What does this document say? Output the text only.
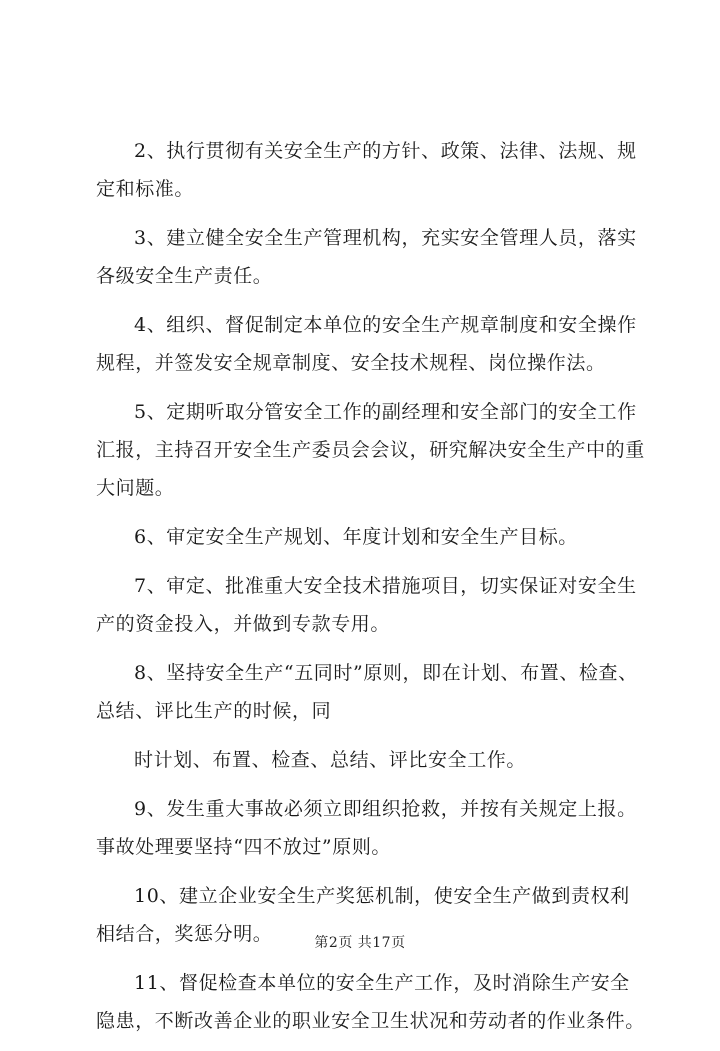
2、执行贯彻有关安全生产的方针、政策、法律、法规、规定和标准。

3、建立健全安全生产管理机构，充实安全管理人员，落实各级安全生产责任。

4、组织、督促制定本单位的安全生产规章制度和安全操作规程，并签发安全规章制度、安全技术规程、岗位操作法。

5、定期听取分管安全工作的副经理和安全部门的安全工作汇报，主持召开安全生产委员会会议，研究解决安全生产中的重大问题。

6、审定安全生产规划、年度计划和安全生产目标。

7、审定、批准重大安全技术措施项目，切实保证对安全生产的资金投入，并做到专款专用。

8、坚持安全生产“五同时”原则，即在计划、布置、检查、总结、评比生产的时候，同

时计划、布置、检查、总结、评比安全工作。

9、发生重大事故必须立即组织抢救，并按有关规定上报。事故处理要坚持“四不放过”原则。

10、建立企业安全生产奖惩机制，使安全生产做到责权利相结合，奖惩分明。

11、督促检查本单位的安全生产工作，及时消除生产安全隐患，不断改善企业的职业安全卫生状况和劳动者的作业条件。

第2页 共17页
